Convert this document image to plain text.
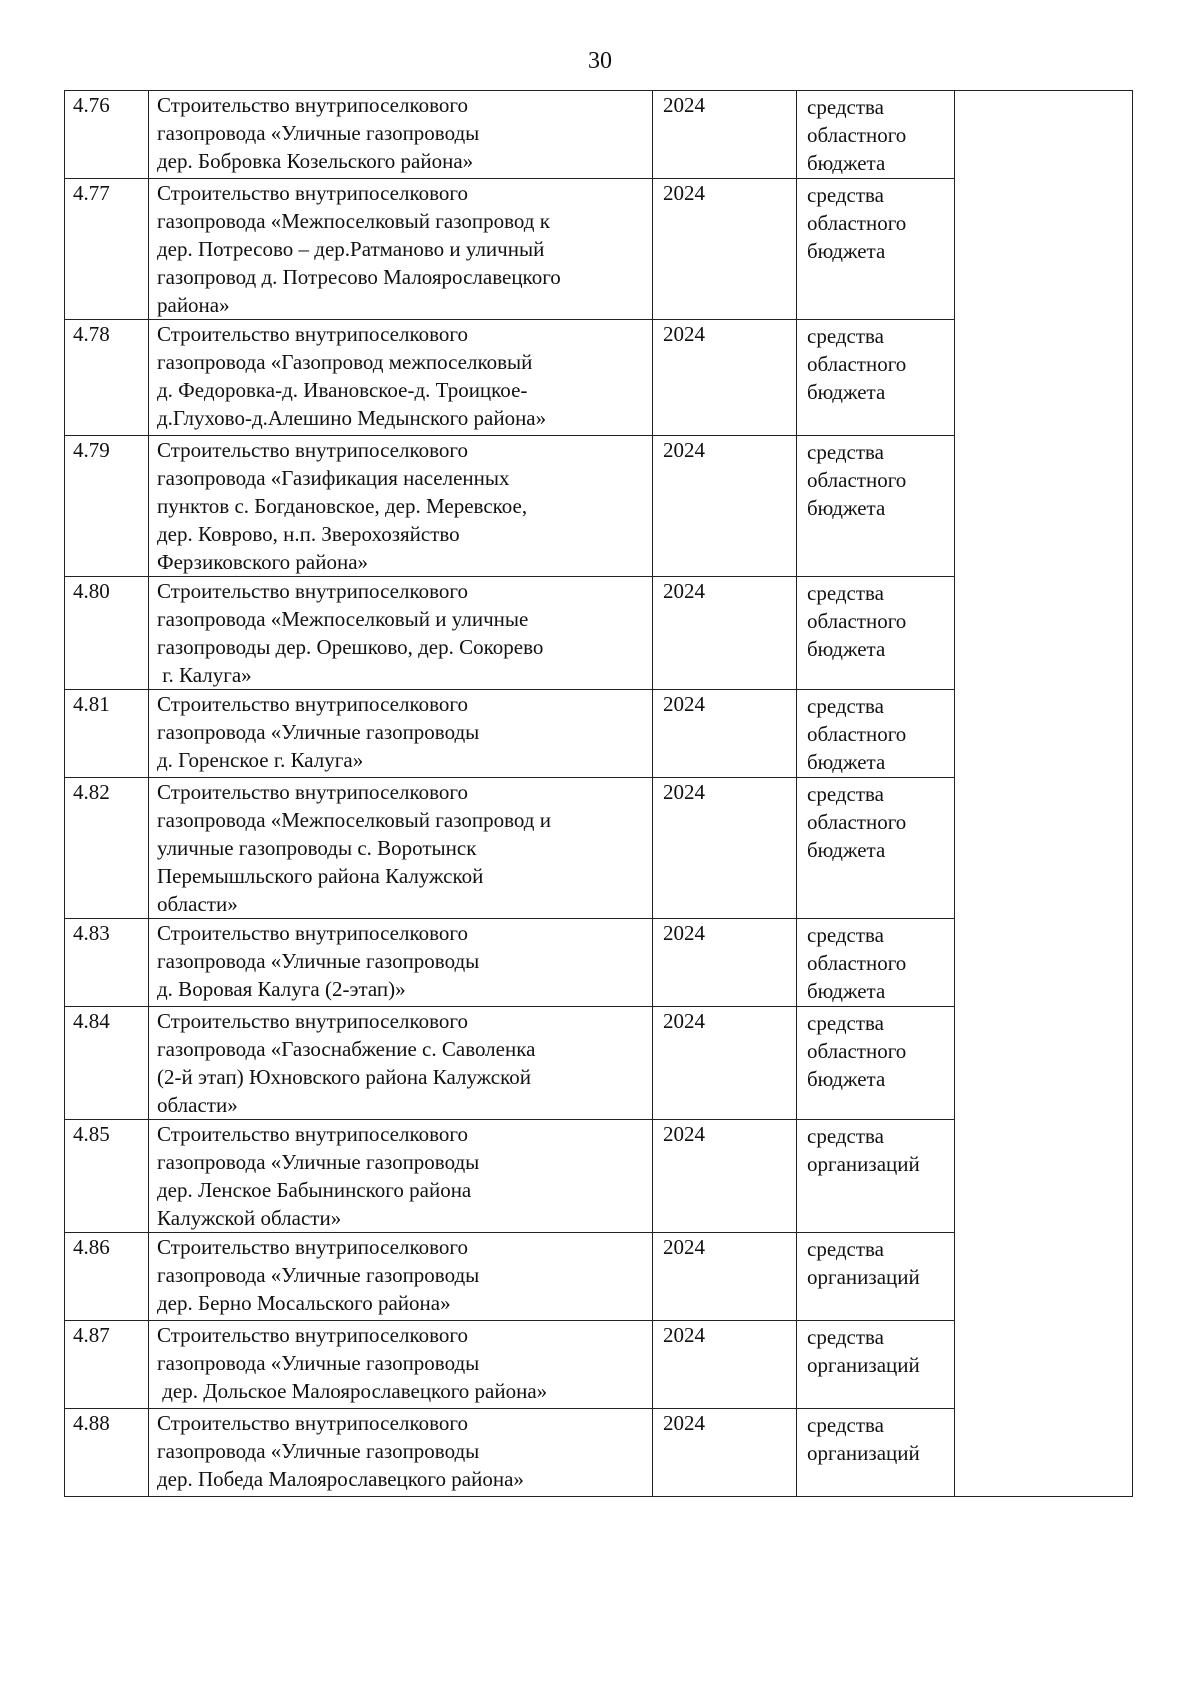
30
4.76	Строительство внутрипоселкового
газопровода «Уличные газопроводы
дер. Бобровка Козельского района»	2024	средства
областного
бюджета	

4.77	Строительство внутрипоселкового
газопровода «Межпоселковый газопровод к
дер. Потресово – дер.Ратманово и уличный
газопровод д. Потресово Малоярославецкого
района»	2024	средства
областного
бюджета	

4.78	Строительство внутрипоселкового
газопровода «Газопровод межпоселковый
д. Федоровка-д. Ивановское-д. Троицкое-
д.Глухово-д.Алешино Медынского района»	2024	средства
областного
бюджета	

4.79	Строительство внутрипоселкового
газопровода «Газификация населенных
пунктов с. Богдановское, дер. Меревское,
дер. Коврово, н.п. Зверохозяйство
Ферзиковского района»	2024	средства
областного
бюджета	

4.80	Строительство внутрипоселкового
газопровода «Межпоселковый и уличные
газопроводы дер. Орешково, дер. Сокорево
г. Калуга»	2024	средства
областного
бюджета	

4.81	Строительство внутрипоселкового
газопровода «Уличные газопроводы
д. Горенское г. Калуга»	2024	средства
областного
бюджета	

4.82	Строительство внутрипоселкового
газопровода «Межпоселковый газопровод и
уличные газопроводы с. Воротынск
Перемышльского района Калужской
области»	2024	средства
областного
бюджета	

4.83	Строительство внутрипоселкового
газопровода «Уличные газопроводы
д. Воровая Калуга (2-этап)»	2024	средства
областного
бюджета	

4.84	Строительство внутрипоселкового
газопровода «Газоснабжение с. Саволенка
(2-й этап) Юхновского района Калужской
области»	2024	средства
областного
бюджета	

4.85	Строительство внутрипоселкового
газопровода «Уличные газопроводы
дер. Ленское Бабынинского района
Калужской области»	2024	средства
организаций	

4.86	Строительство внутрипоселкового
газопровода «Уличные газопроводы
дер. Берно Мосальского района»	2024	средства
организаций	

4.87	Строительство внутрипоселкового
газопровода «Уличные газопроводы
дер. Дольское Малоярославецкого района»	2024	средства
организаций	

4.88	Строительство внутрипоселкового
газопровода «Уличные газопроводы
дер. Победа Малоярославецкого района»	2024	средства
организаций	
